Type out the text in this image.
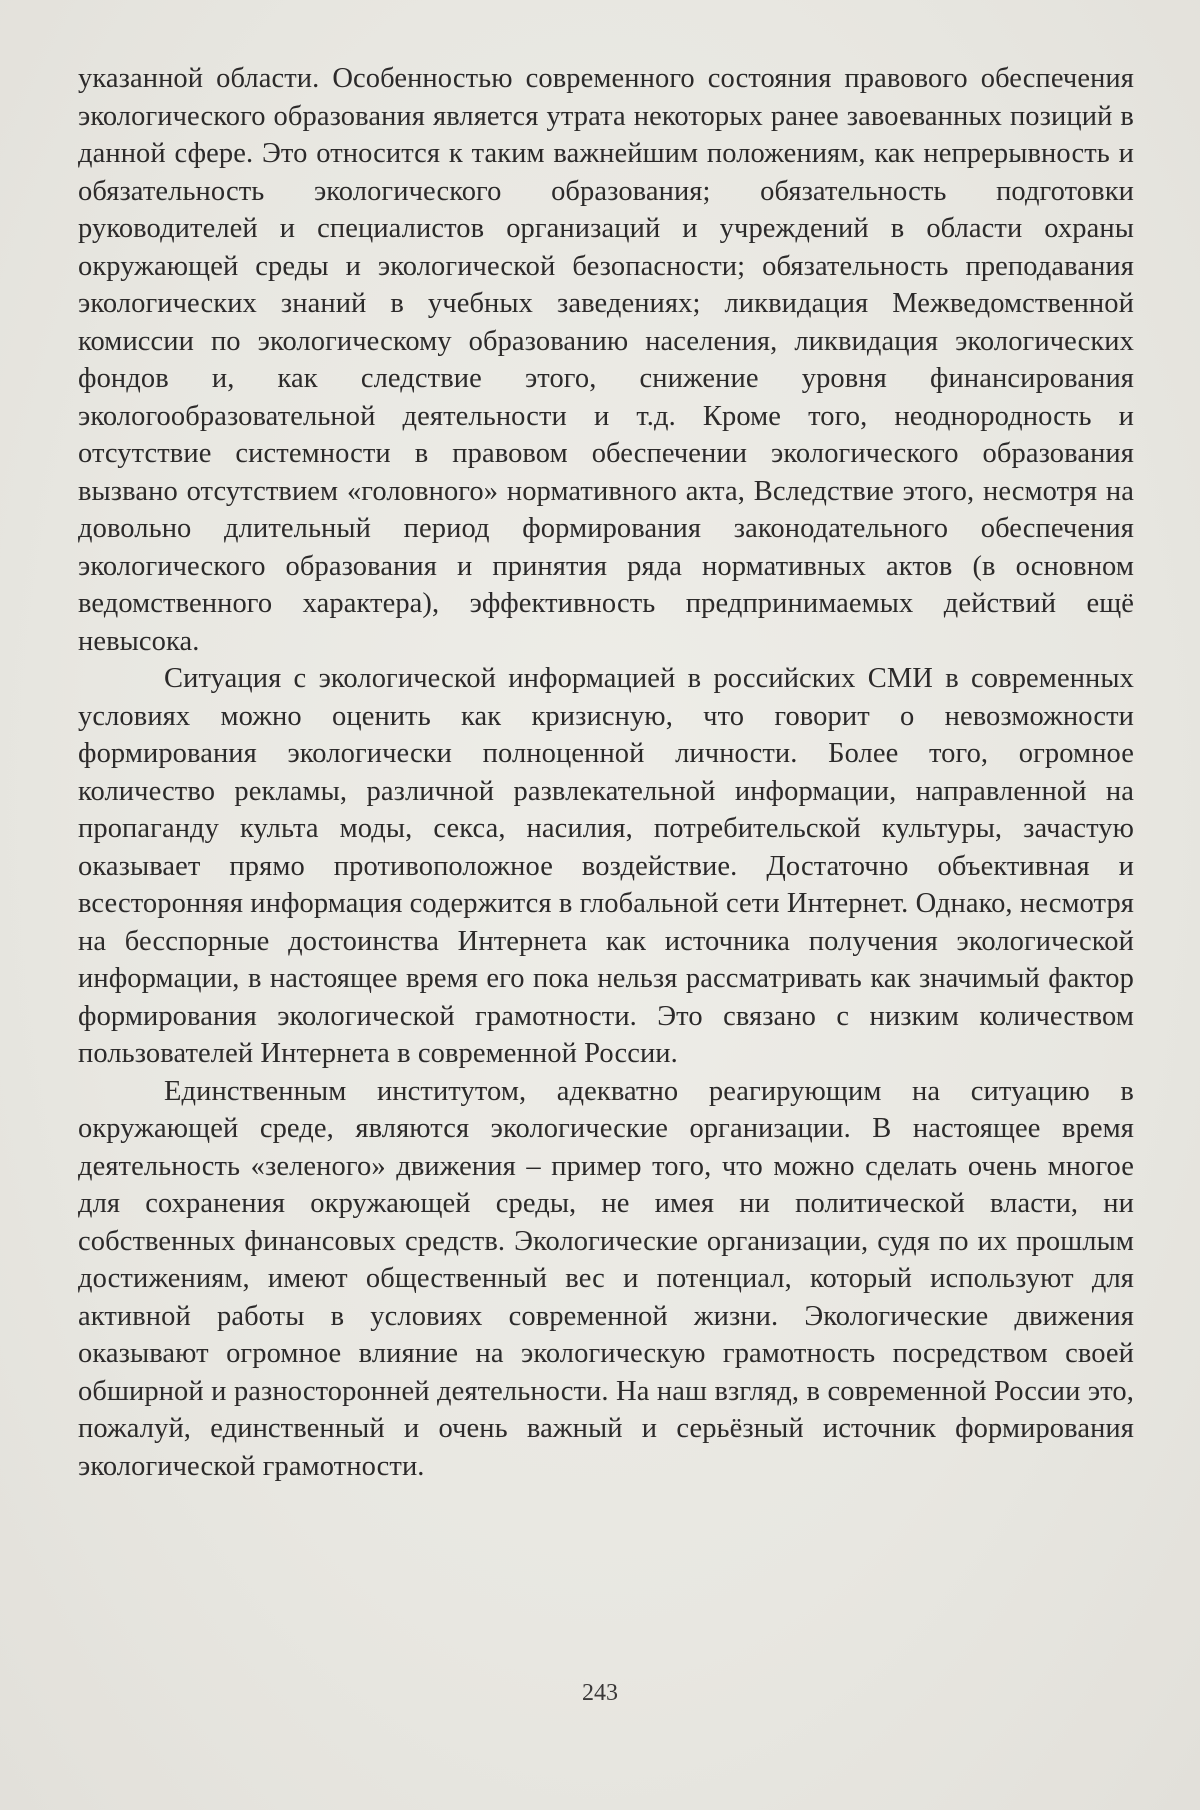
указанной области. Особенностью современного состояния правового обеспечения экологического образования является утрата некоторых ранее завоеванных позиций в данной сфере. Это относится к таким важнейшим положениям, как непрерывность и обязательность экологического образования; обязательность подготовки руководителей и специалистов организаций и учреждений в области охраны окружающей среды и экологической безопасности; обязательность преподавания экологических знаний в учебных заведениях; ликвидация Межведомственной комиссии по экологическому образованию населения, ликвидация экологических фондов и, как следствие этого, снижение уровня финансирования экологообразовательной деятельности и т.д. Кроме того, неоднородность и отсутствие системности в правовом обеспечении экологического образования вызвано отсутствием «головного» нормативного акта, Вследствие этого, несмотря на довольно длительный период формирования законодательного обеспечения экологического образования и принятия ряда нормативных актов (в основном ведомственного характера), эффективность предпринимаемых действий ещё невысока.

Ситуация с экологической информацией в российских СМИ в современных условиях можно оценить как кризисную, что говорит о невозможности формирования экологически полноценной личности. Более того, огромное количество рекламы, различной развлекательной информации, направленной на пропаганду культа моды, секса, насилия, потребительской культуры, зачастую оказывает прямо противоположное воздействие. Достаточно объективная и всесторонняя информация содержится в глобальной сети Интернет. Однако, несмотря на бесспорные достоинства Интернета как источника получения экологической информации, в настоящее время его пока нельзя рассматривать как значимый фактор формирования экологической грамотности. Это связано с низким количеством пользователей Интернета в современной России.

Единственным институтом, адекватно реагирующим на ситуацию в окружающей среде, являются экологические организации. В настоящее время деятельность «зеленого» движения – пример того, что можно сделать очень многое для сохранения окружающей среды, не имея ни политической власти, ни собственных финансовых средств. Экологические организации, судя по их прошлым достижениям, имеют общественный вес и потенциал, который используют для активной работы в условиях современной жизни. Экологические движения оказывают огромное влияние на экологическую грамотность посредством своей обширной и разносторонней деятельности. На наш взгляд, в современной России это, пожалуй, единственный и очень важный и серьёзный источник формирования экологической грамотности.

243
